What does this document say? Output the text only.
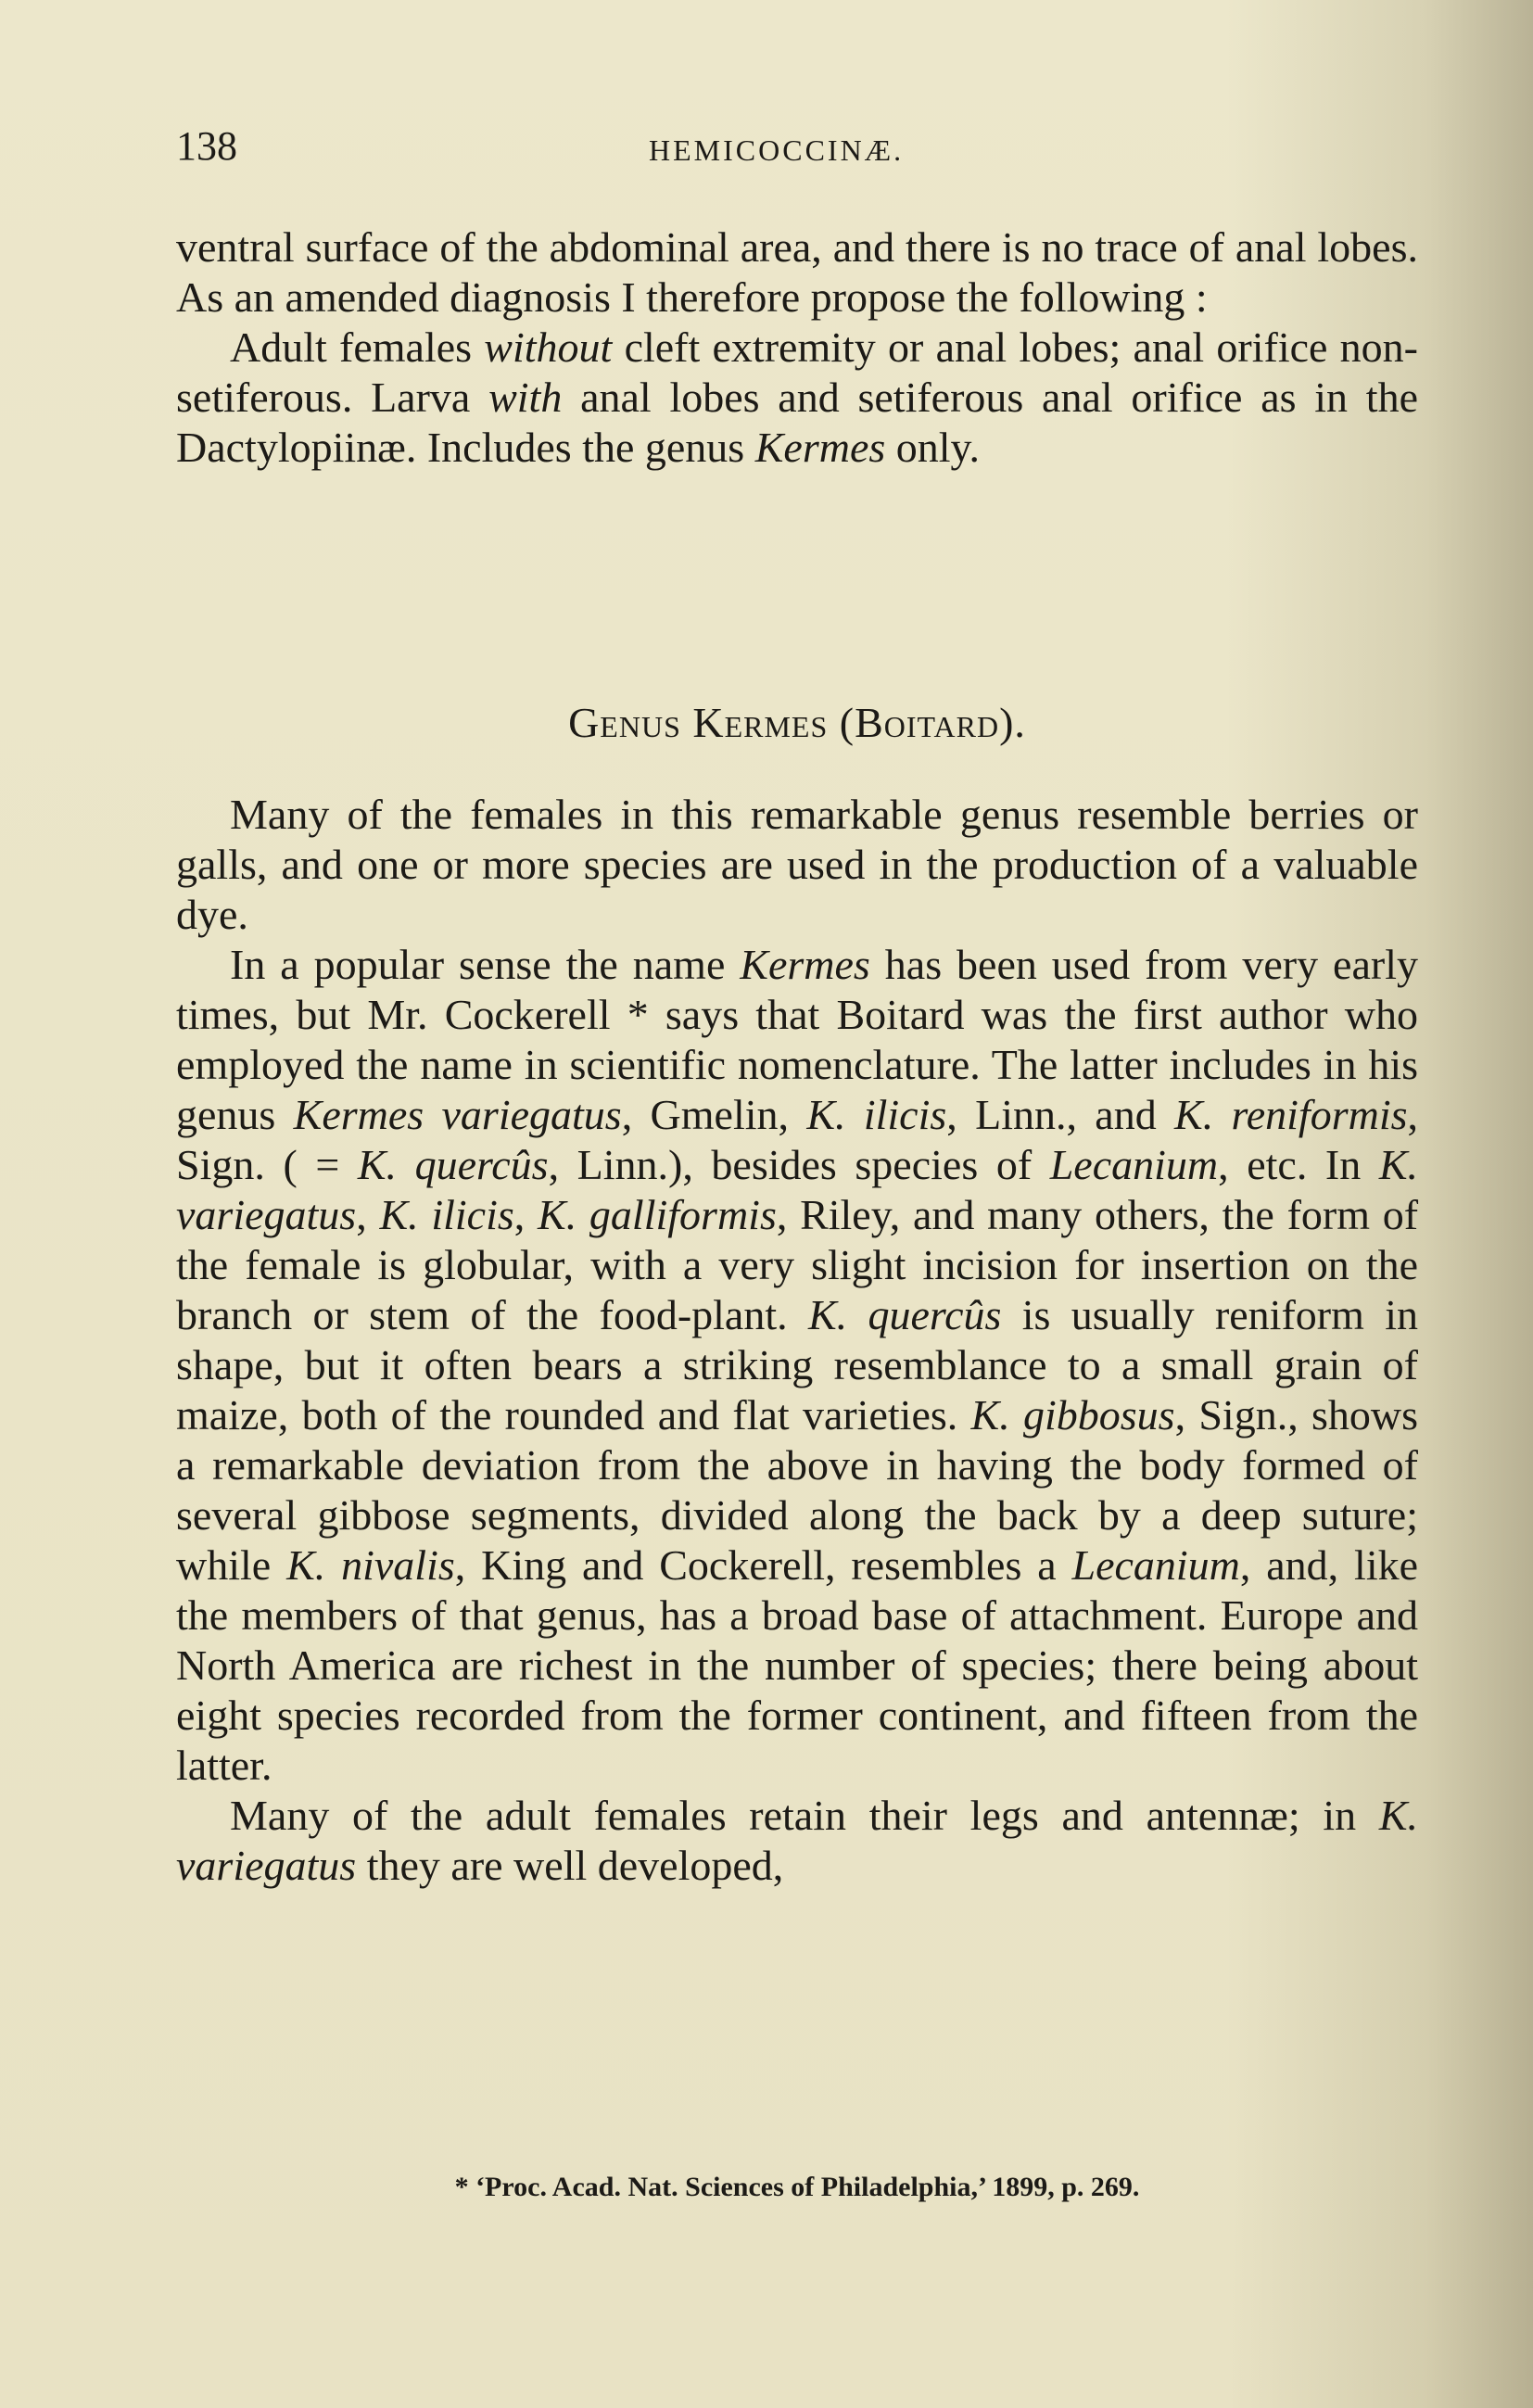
138	HEMICOCCINÆ.

ventral surface of the abdominal area, and there is no trace of anal lobes. As an amended diagnosis I therefore propose the following :

Adult females without cleft extremity or anal lobes; anal orifice non-setiferous. Larva with anal lobes and setiferous anal orifice as in the Dactylopiinæ. Includes the genus Kermes only.

Genus Kermes (Boitard).

Many of the females in this remarkable genus resemble berries or galls, and one or more species are used in the production of a valuable dye.

In a popular sense the name Kermes has been used from very early times, but Mr. Cockerell * says that Boitard was the first author who employed the name in scientific nomenclature. The latter includes in his genus Kermes variegatus, Gmelin, K. ilicis, Linn., and K. reniformis, Sign. ( = K. quercûs, Linn.), besides species of Lecanium, etc. In K. variegatus, K. ilicis, K. galliformis, Riley, and many others, the form of the female is globular, with a very slight incision for insertion on the branch or stem of the food-plant. K. quercûs is usually reniform in shape, but it often bears a striking resemblance to a small grain of maize, both of the rounded and flat varieties. K. gibbosus, Sign., shows a remarkable deviation from the above in having the body formed of several gibbose segments, divided along the back by a deep suture; while K. nivalis, King and Cockerell, resembles a Lecanium, and, like the members of that genus, has a broad base of attachment. Europe and North America are richest in the number of species; there being about eight species recorded from the former continent, and fifteen from the latter.

Many of the adult females retain their legs and antennæ; in K. variegatus they are well developed,

* ‘Proc. Acad. Nat. Sciences of Philadelphia,’ 1899, p. 269.
